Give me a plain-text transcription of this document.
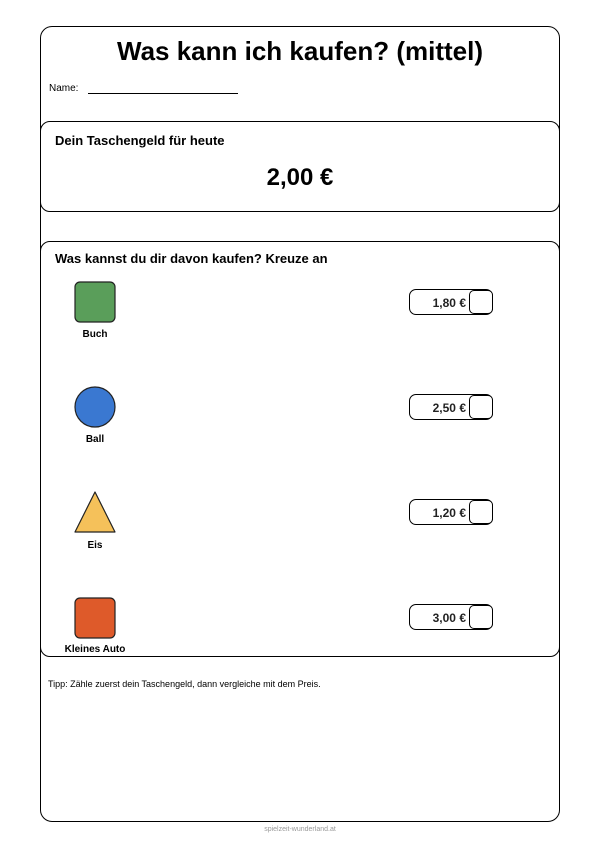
Was kann ich kaufen? (mittel)
Name:
Dein Taschengeld für heute
2,00 €
Was kannst du dir davon kaufen? Kreuze an
Buch
1,80 €
Ball
2,50 €
Eis
1,20 €
Kleines Auto
3,00 €

Tipp: Zähle zuerst dein Taschengeld, dann vergleiche mit dem Preis.

spielzeit-wunderland.at
